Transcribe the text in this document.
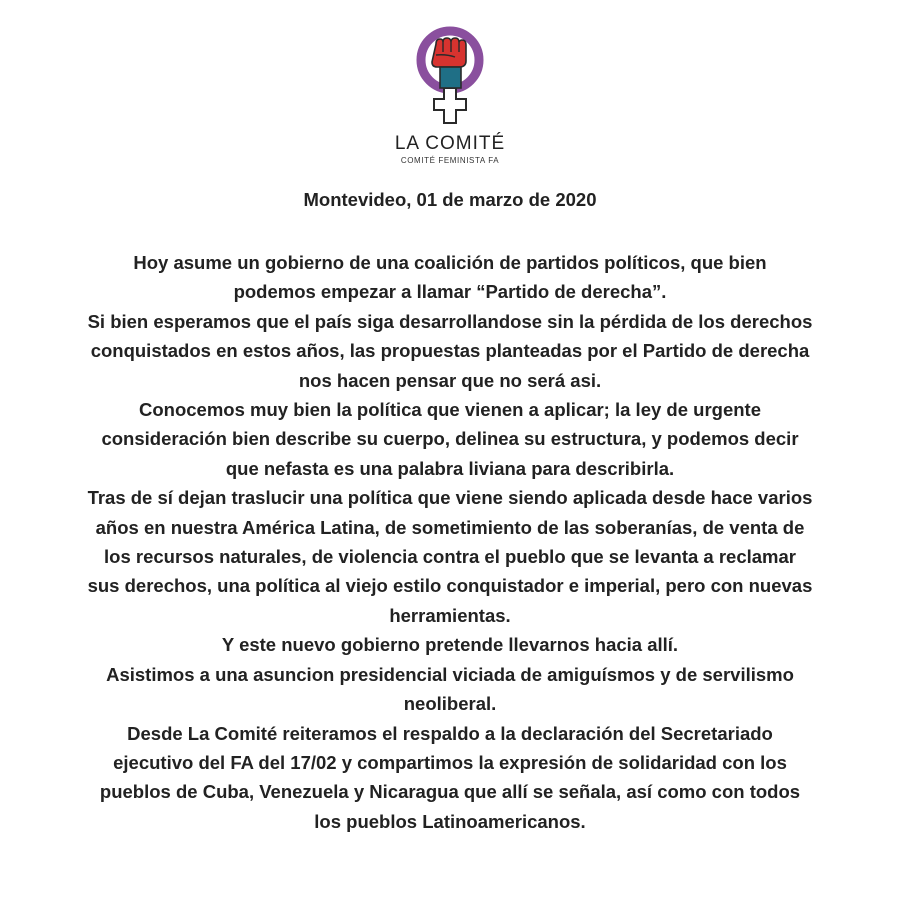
LA COMITÉ
COMITÉ FEMINISTA FA
Montevideo, 01 de marzo de 2020
Hoy asume un gobierno de una coalición de partidos políticos, que bien
podemos empezar a llamar “Partido de derecha”.
Si bien esperamos que el país siga desarrollandose sin la pérdida de los derechos
conquistados en estos años, las propuestas planteadas por el Partido de derecha
nos hacen pensar que no será asi.
Conocemos muy bien la política que vienen a aplicar; la ley de urgente
consideración bien describe su cuerpo, delinea su estructura, y podemos decir
que nefasta es una palabra liviana para describirla.
Tras de sí dejan traslucir una política que viene siendo aplicada desde hace varios
años en nuestra América Latina, de sometimiento de las soberanías, de venta de
los recursos naturales, de violencia contra el pueblo que se levanta a reclamar
sus derechos, una política al viejo estilo conquistador e imperial, pero con nuevas
herramientas.
Y este nuevo gobierno pretende llevarnos hacia allí.
Asistimos a una asuncion presidencial viciada de amiguísmos y de servilismo
neoliberal.
Desde La Comité reiteramos el respaldo a la declaración del Secretariado
ejecutivo del FA del 17/02 y compartimos la expresión de solidaridad con los
pueblos de Cuba, Venezuela y Nicaragua que allí se señala, así como con todos
los pueblos Latinoamericanos.
